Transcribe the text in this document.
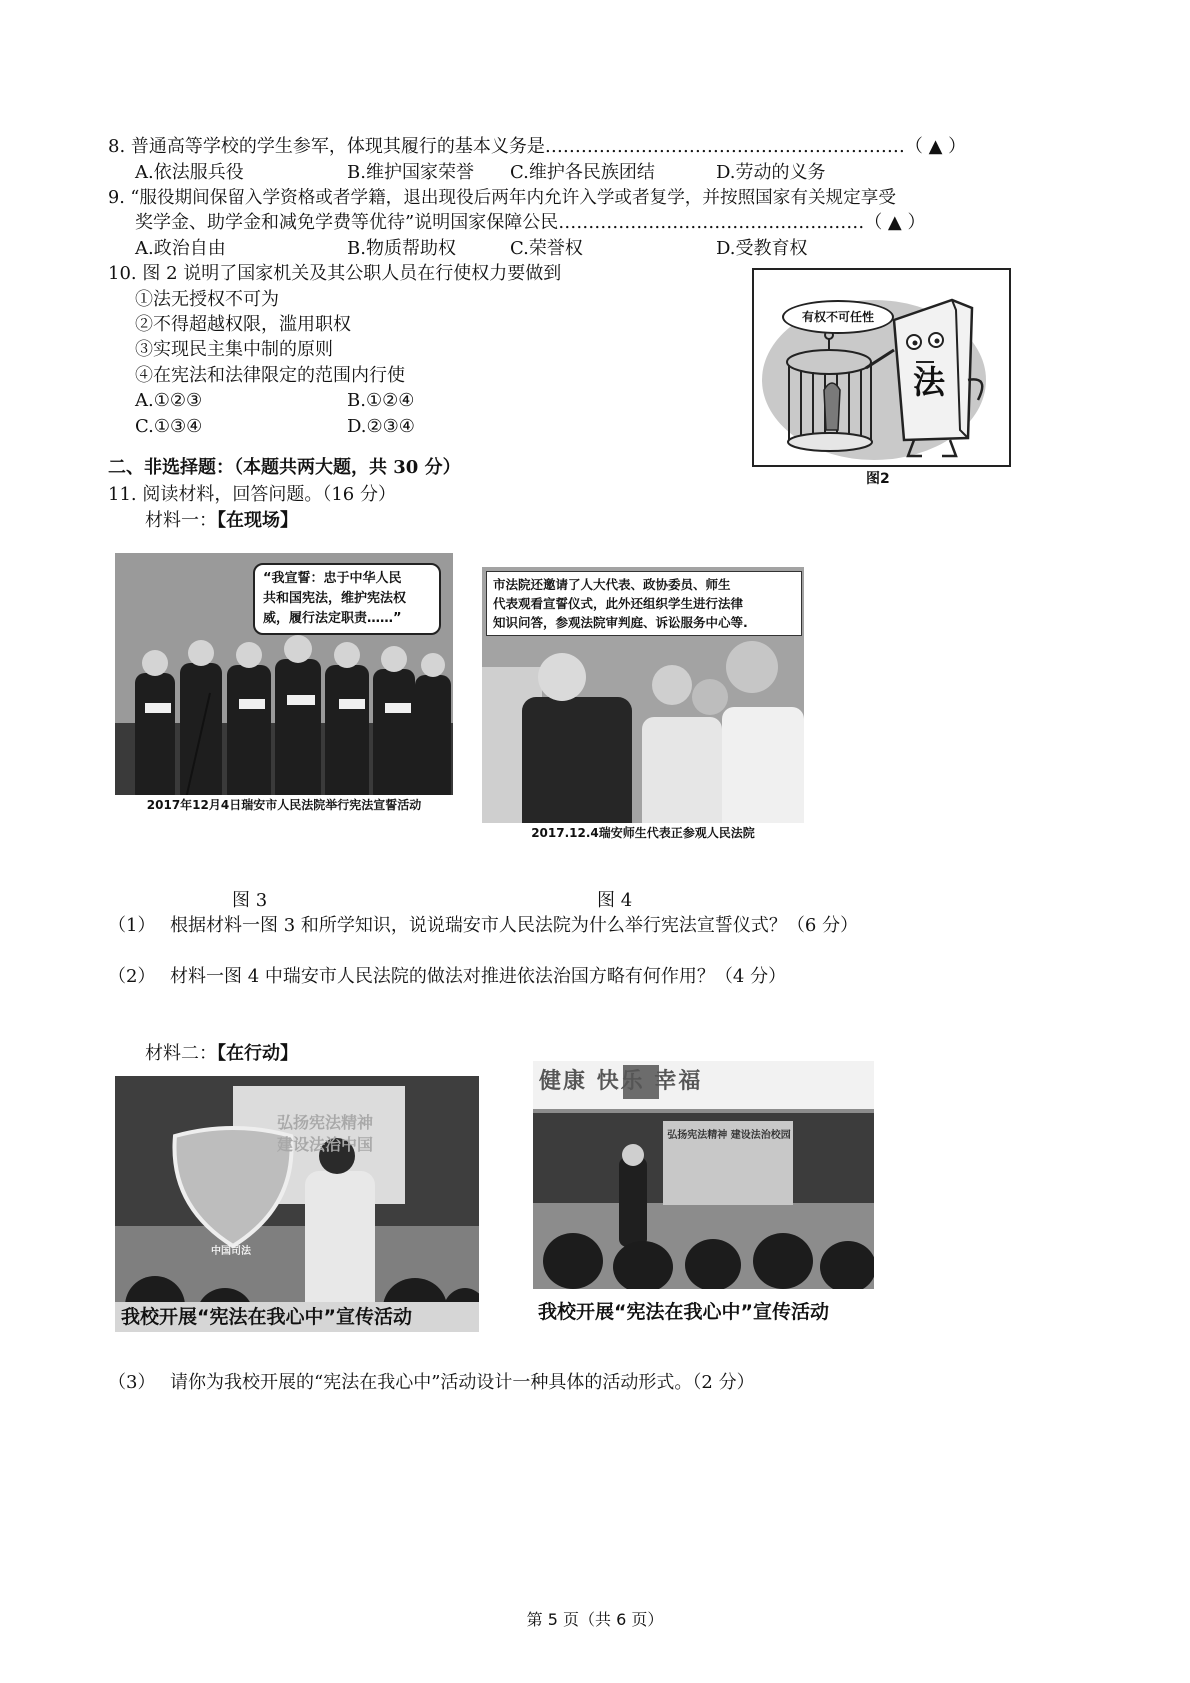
8. 普通高等学校的学生参军，体现其履行的基本义务是……………………………………………………（ ▲ ）
A.依法服兵役	B.维护国家荣誉 C.维护各民族团结	D.劳动的义务
9. “服役期间保留入学资格或者学籍，退出现役后两年内允许入学或者复学，并按照国家有关规定享受
奖学金、助学金和减免学费等优待”说明国家保障公民……………………………………………（ ▲ ）
A.政治自由	B.物质帮助权	C.荣誉权	D.受教育权
10. 图 2 说明了国家机关及其公职人员在行使权力要做到
①法无授权不可为
②不得超越权限，滥用职权
③实现民主集中制的原则
④在宪法和法律限定的范围内行使
A.①②③	B.①②④
C.①③④	D.②③④
有权不可任性
法
图2
二、非选择题：（本题共两大题，共 30 分）
11. 阅读材料，回答问题。（16 分）
材料一：【在现场】
“我宣誓：忠于中华人民
共和国宪法，维护宪法权
威，履行法定职责……”
2017年12月4日瑞安市人民法院举行宪法宣誓活动
市法院还邀请了人大代表、政协委员、师生
代表观看宣誓仪式，此外还组织学生进行法律
知识问答，参观法院审判庭、诉讼服务中心等.
2017.12.4瑞安师生代表正参观人民法院
图 3	图 4
（1） 根据材料一图 3 和所学知识，说说瑞安市人民法院为什么举行宪法宣誓仪式？（6 分）
（2） 材料一图 4 中瑞安市人民法院的做法对推进依法治国方略有何作用？（4 分）
材料二：【在行动】
弘扬宪法精神
建设法治中国
中国司法
我校开展“宪法在我心中”宣传活动
健康 快乐 幸福
弘扬宪法精神 建设法治校园
我校开展“宪法在我心中”宣传活动
（3） 请你为我校开展的“宪法在我心中”活动设计一种具体的活动形式。（2 分）
第 5 页（共 6 页）
